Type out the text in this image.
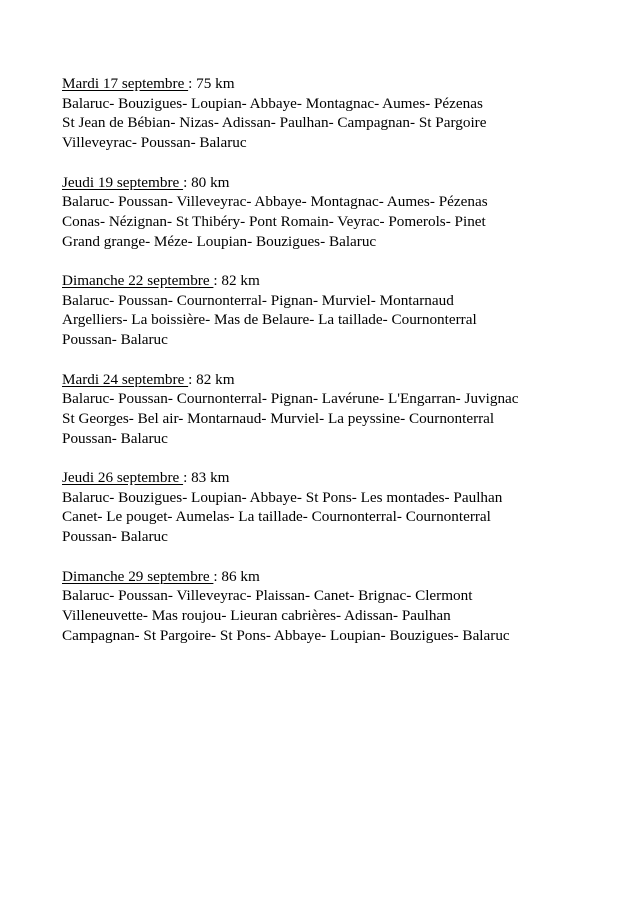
Mardi 17 septembre : 75 km
Balaruc- Bouzigues- Loupian- Abbaye- Montagnac- Aumes- Pézenas
St Jean de Bébian- Nizas- Adissan- Paulhan- Campagnan- St Pargoire
Villeveyrac- Poussan- Balaruc
Jeudi 19 septembre : 80 km
Balaruc- Poussan- Villeveyrac- Abbaye- Montagnac- Aumes- Pézenas
Conas- Nézignan- St Thibéry- Pont Romain- Veyrac- Pomerols- Pinet
Grand grange- Méze- Loupian- Bouzigues- Balaruc
Dimanche 22 septembre : 82 km
Balaruc- Poussan- Cournonterral- Pignan- Murviel- Montarnaud
Argelliers- La boissière- Mas de Belaure- La taillade- Cournonterral
Poussan- Balaruc
Mardi 24 septembre : 82 km
Balaruc- Poussan- Cournonterral- Pignan- Lavérune- L'Engarran- Juvignac
St Georges- Bel air- Montarnaud- Murviel- La peyssine- Cournonterral
Poussan- Balaruc
Jeudi 26 septembre : 83 km
Balaruc- Bouzigues- Loupian- Abbaye- St Pons- Les montades- Paulhan
Canet- Le pouget- Aumelas- La taillade- Cournonterral- Cournonterral
Poussan- Balaruc
Dimanche 29 septembre : 86 km
Balaruc- Poussan- Villeveyrac- Plaissan- Canet- Brignac- Clermont
Villeneuvette- Mas roujou- Lieuran cabrières- Adissan- Paulhan
Campagnan- St Pargoire- St Pons- Abbaye- Loupian- Bouzigues- Balaruc
